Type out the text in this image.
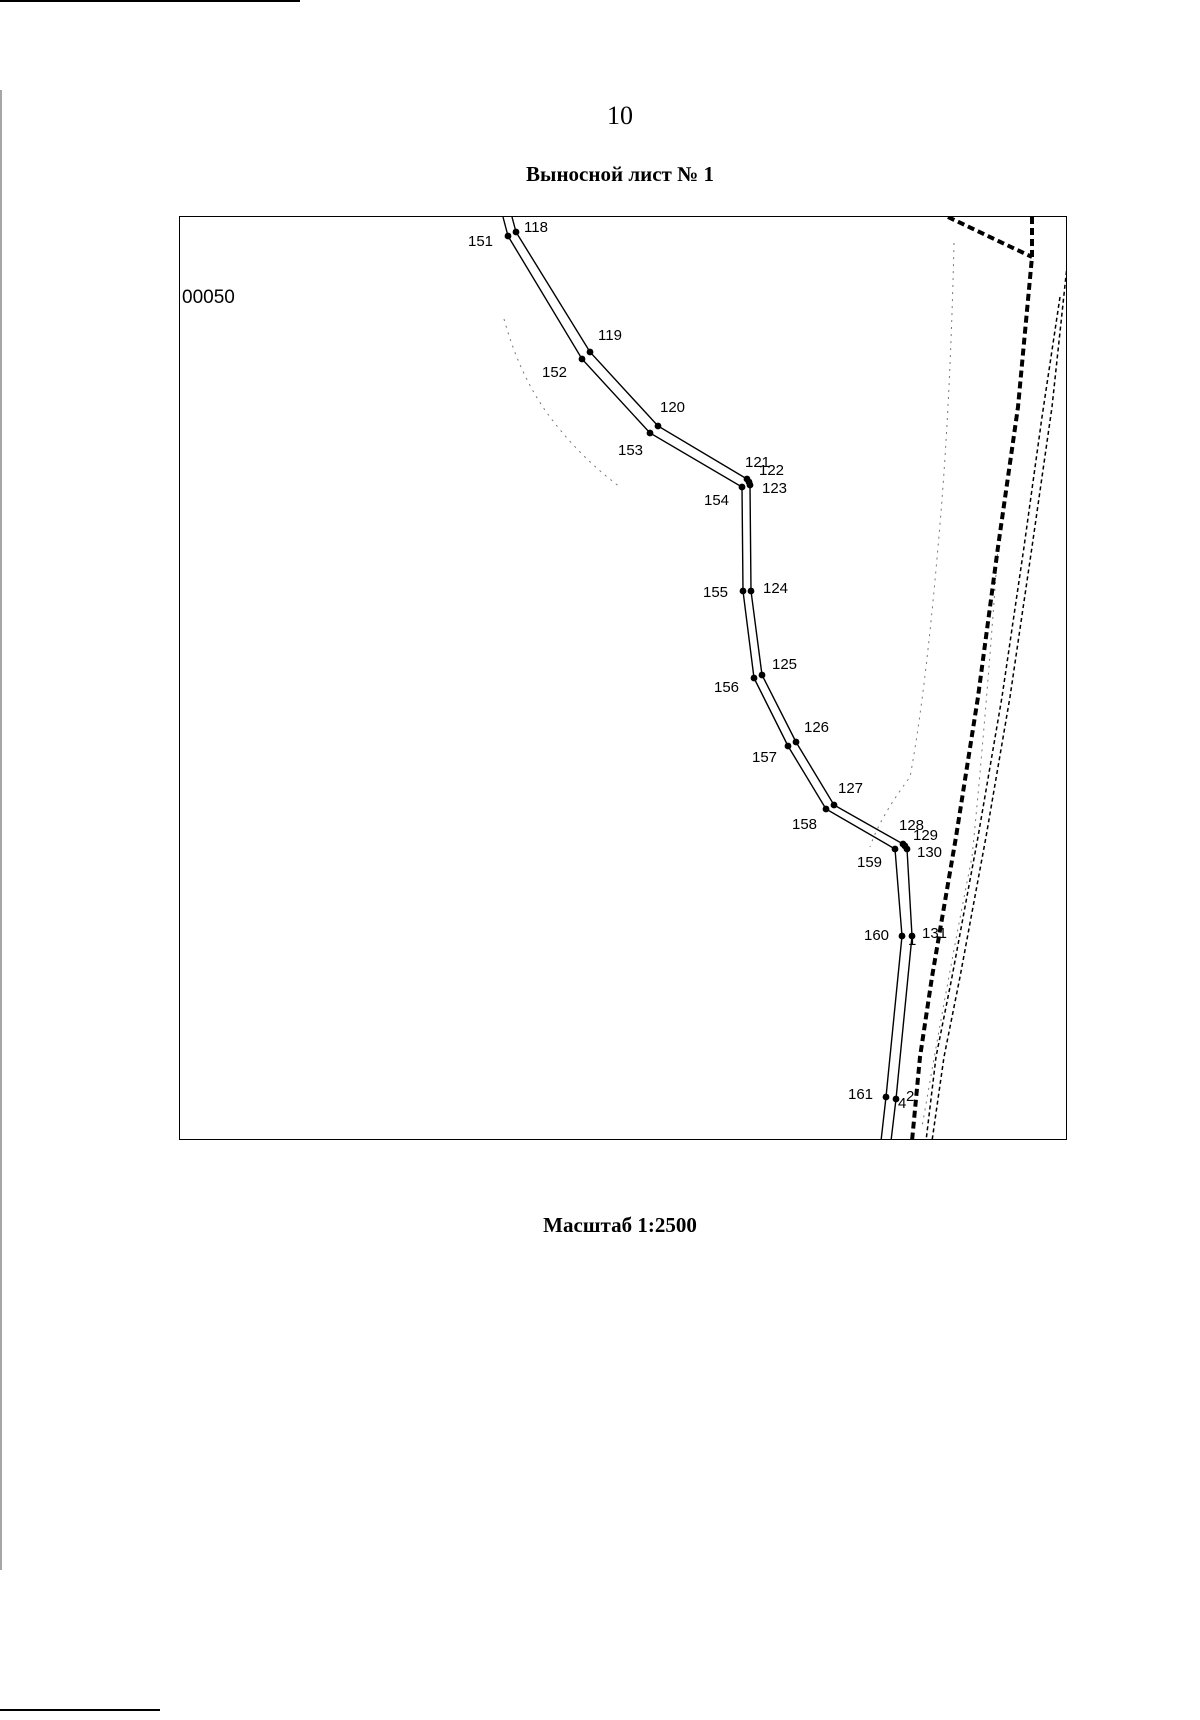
10
Выносной лист № 1
00050
118
119
120
121
122
123
124
125
126
127
128
129
130
131
2
151
152
153
154
155
156
157
158
159
160
161
1
4
Масштаб 1:2500
